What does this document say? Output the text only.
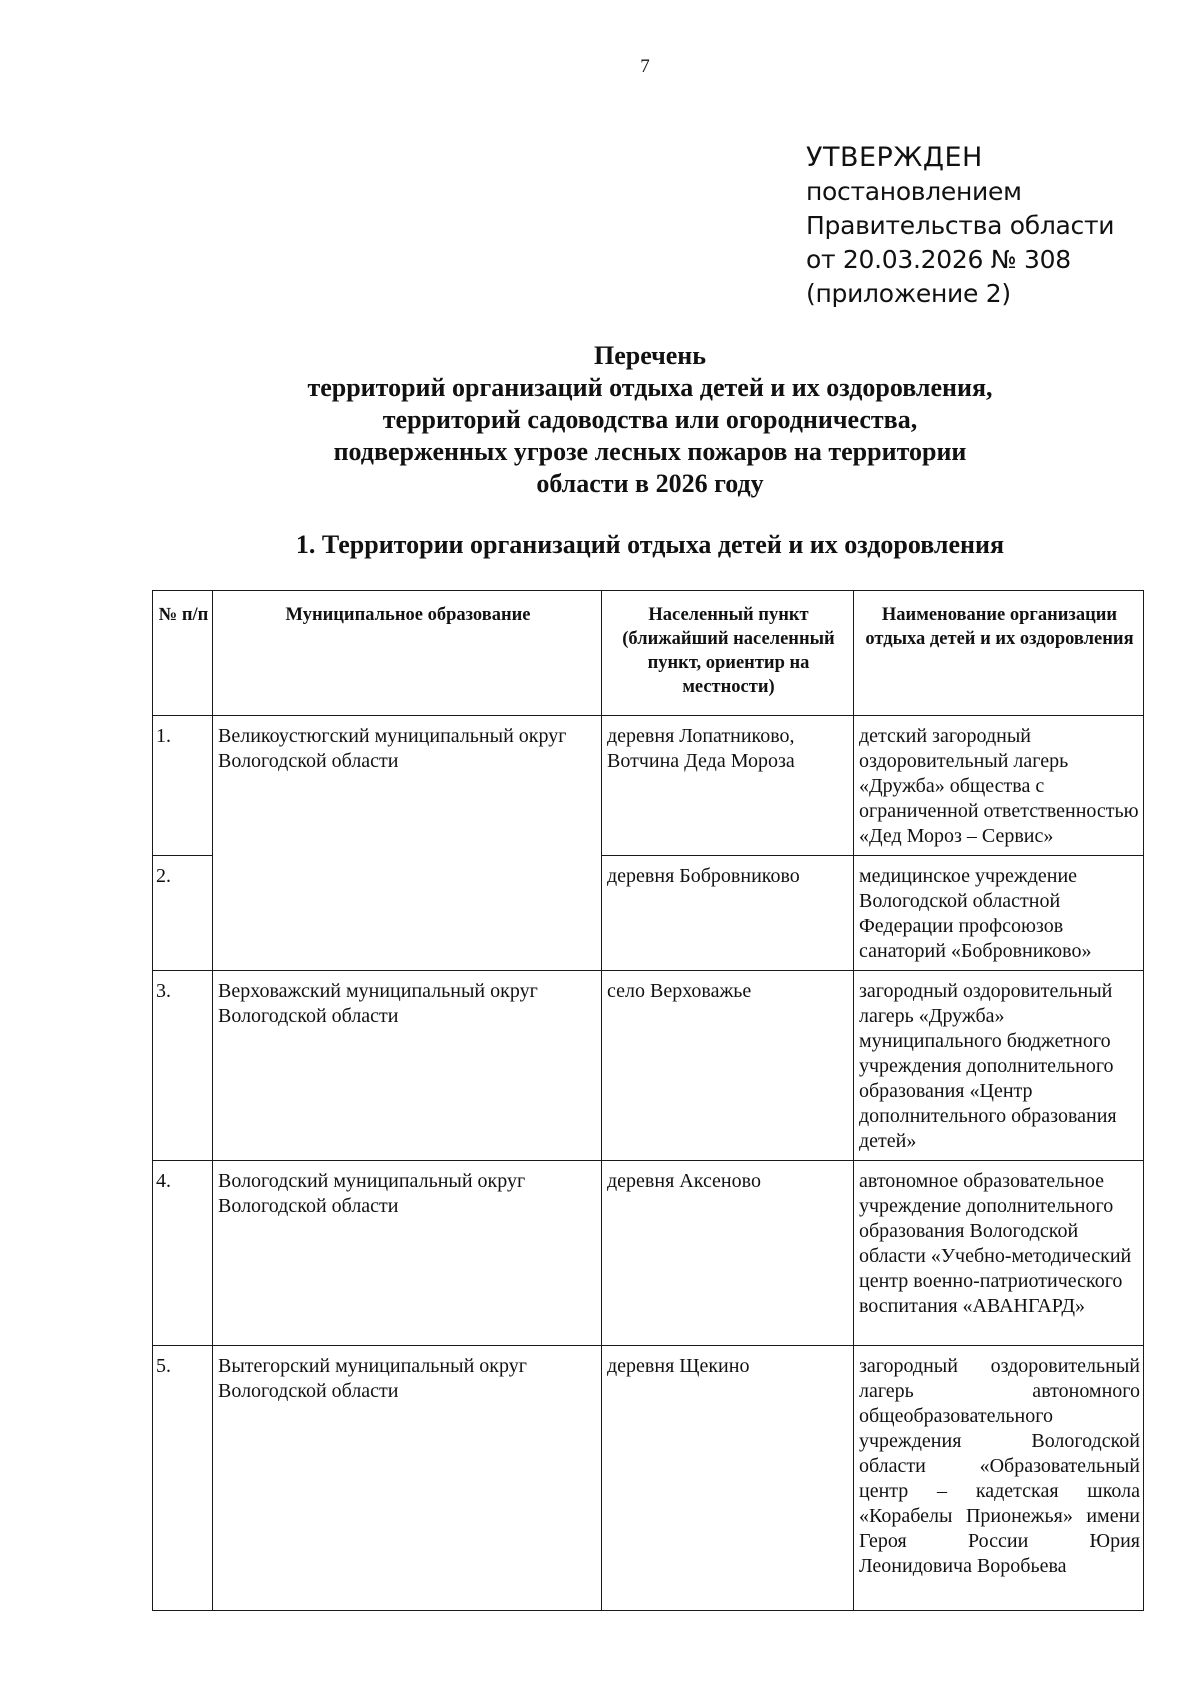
7
УТВЕРЖДЕН
постановлением
Правительства области
от 20.03.2026 № 308
(приложение 2)
Перечень
территорий организаций отдыха детей и их оздоровления,
территорий садоводства или огородничества,
подверженных угрозе лесных пожаров на территории
области в 2026 году
1. Территории организаций отдыха детей и их оздоровления
№ п/п	Муниципальное образование	Населенный пункт (ближайший населенный пункт, ориентир на местности)	Наименование организации отдыха детей и их оздоровления
1.	Великоустюгский муниципальный округ Вологодской области	деревня Лопатниково, Вотчина Деда Мороза	детский загородный оздоровительный лагерь «Дружба» общества с ограниченной ответственностью «Дед Мороз – Сервис»
2.		деревня Бобровниково	медицинское учреждение Вологодской областной Федерации профсоюзов санаторий «Бобровниково»
3.	Верховажский муниципальный округ Вологодской области	село Верховажье	загородный оздоровительный лагерь «Дружба» муниципального бюджетного учреждения дополнительного образования «Центр дополнительного образования детей»
4.	Вологодский муниципальный округ Вологодской области	деревня Аксеново	автономное образовательное учреждение дополнительного образования Вологодской области «Учебно-методический центр военно-патриотического воспитания «АВАНГАРД»
5.	Вытегорский муниципальный округ Вологодской области	деревня Щекино	загородный оздоровительный лагерь автономного общеобразовательного учреждения Вологодской области «Образовательный центр – кадетская школа «Корабелы Прионежья» имени Героя России Юрия Леонидовича Воробьева
